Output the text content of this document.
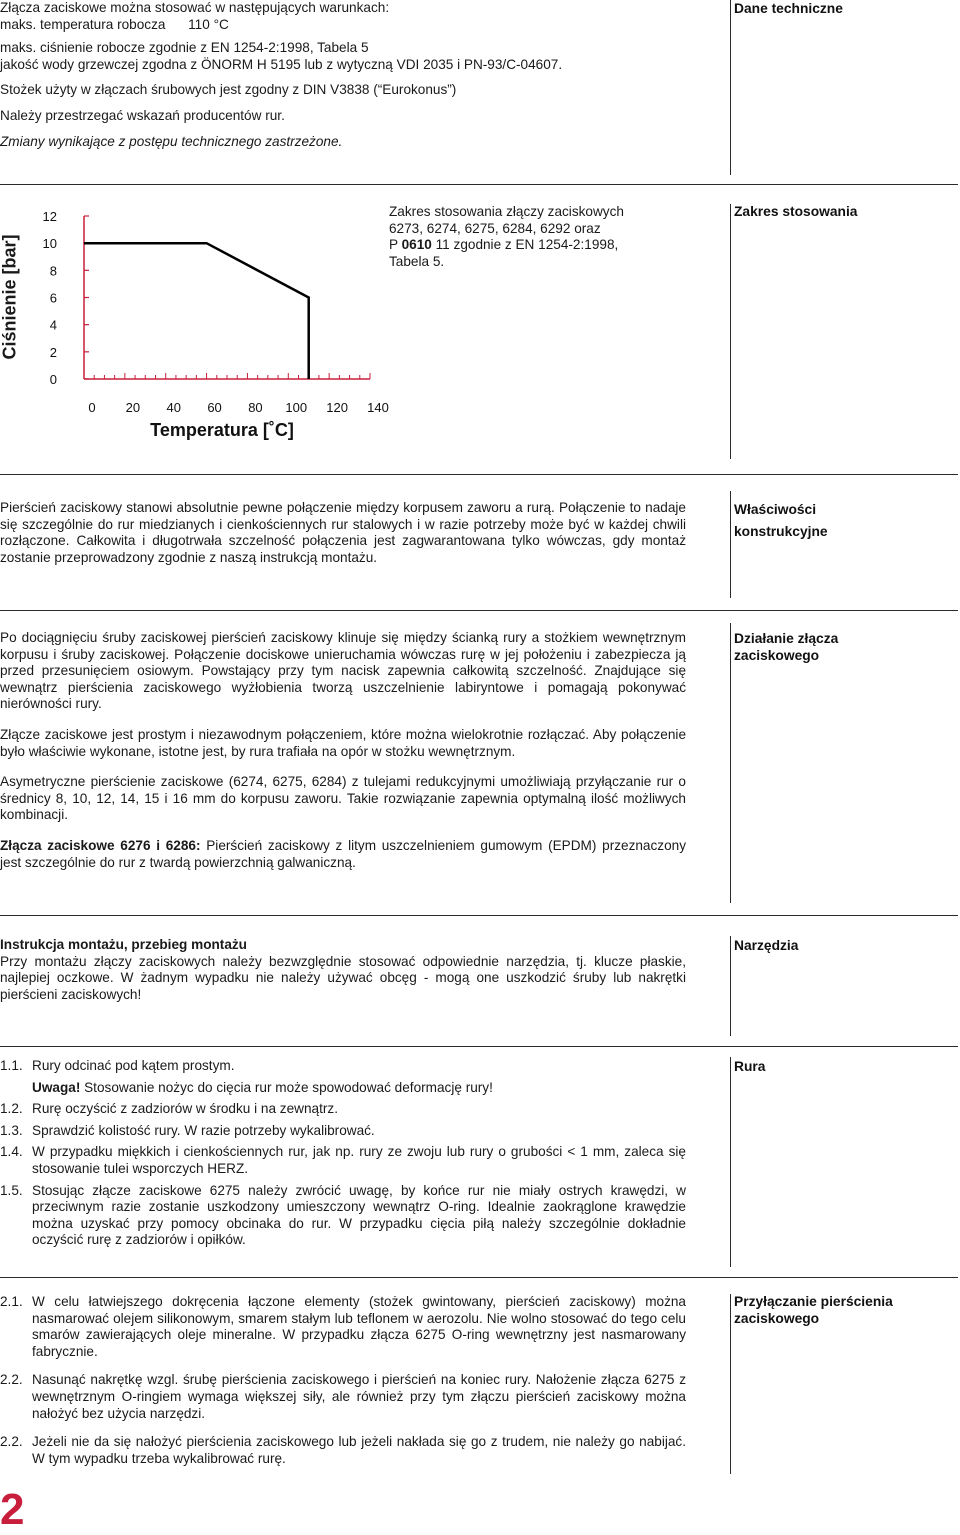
Złącza zaciskowe można stosować w następujących warunkach:

maks. temperatura robocza      110 °C

maks. ciśnienie robocze zgodnie z EN 1254-2:1998, Tabela 5

jakość wody grzewczej zgodna z ÖNORM H 5195 lub z wytyczną VDI 2035 i PN-93/C-04607.

Stożek użyty w złączach śrubowych jest zgodny z DIN V3838 (“Eurokonus”)

Należy przestrzegać wskazań producentów rur.

Zmiany wynikające z postępu technicznego zastrzeżone.

Dane techniczne
Ciśnienie [bar]
0
2
4
6
8
10
12
0 20 40 60 80 100 120 140
Temperatura [˚C]

Zakres stosowania złączy zaciskowych

6273, 6274, 6275, 6284, 6292 oraz

P 0610 11 zgodnie z EN 1254-2:1998,

Tabela 5.

Zakres stosowania
Pierścień zaciskowy stanowi absolutnie pewne połączenie między korpusem zaworu a rurą. Połączenie to nadaje się szczególnie do rur miedzianych i cienkościennych rur stalowych i w razie potrzeby może być w każdej chwili rozłączone. Całkowita i długotrwała szczelność połączenia jest zagwarantowana tylko wówczas, gdy montaż zostanie przeprowadzony zgodnie z naszą instrukcją montażu.
Właściwości
konstrukcyjne

Po dociągnięciu śruby zaciskowej pierścień zaciskowy klinuje się między ścianką rury a stożkiem wewnętrznym korpusu i śruby zaciskowej. Połączenie dociskowe unieruchamia wówczas rurę w jej położeniu i zabezpiecza ją przed przesunięciem osiowym. Powstający przy tym nacisk zapewnia całkowitą szczelność. Znajdujące się wewnątrz pierścienia zaciskowego wyżłobienia tworzą uszczelnienie labiryntowe i pomagają pokonywać nierówności rury.

Złącze zaciskowe jest prostym i niezawodnym połączeniem, które można wielokrotnie rozłączać. Aby połączenie było właściwie wykonane, istotne jest, by rura trafiała na opór w stożku wewnętrznym.

Asymetryczne pierścienie zaciskowe (6274, 6275, 6284) z tulejami redukcyjnymi umożliwiają przyłączanie rur o średnicy 8, 10, 12, 14, 15 i 16 mm do korpusu zaworu. Takie rozwiązanie zapewnia optymalną ilość możliwych kombinacji.

Złącza zaciskowe 6276 i 6286: Pierścień zaciskowy z litym uszczelnieniem gumowym (EPDM) przeznaczony jest szczególnie do rur z twardą powierzchnią galwaniczną.

Działanie złącza
zaciskowego

Instrukcja montażu, przebieg montażu

Przy montażu złączy zaciskowych należy bezwzględnie stosować odpowiednie narzędzia, tj. klucze płaskie, najlepiej oczkowe. W żadnym wypadku nie należy używać obcęg - mogą one uszkodzić śruby lub nakrętki pierścieni zaciskowych!

Narzędzia
1.1. Rury odcinać pod kątem prostym.
Uwaga! Stosowanie nożyc do cięcia rur może spowodować deformację rury!
1.2. Rurę oczyścić z zadziorów w środku i na zewnątrz.
1.3. Sprawdzić kolistość rury. W razie potrzeby wykalibrować.
1.4. W przypadku miękkich i cienkościennych rur, jak np. rury ze zwoju lub rury o grubości < 1 mm, zaleca się stosowanie tulei wsporczych HERZ.
1.5. Stosując złącze zaciskowe 6275 należy zwrócić uwagę, by końce rur nie miały ostrych krawędzi, w przeciwnym razie zostanie uszkodzony umieszczony wewnątrz O-ring. Idealnie zaokrąglone krawędzie można uzyskać przy pomocy obcinaka do rur. W przypadku cięcia piłą należy szczególnie dokładnie oczyścić rurę z zadziorów i opiłków.
Rura
2.1. W celu łatwiejszego dokręcenia łączone elementy (stożek gwintowany, pierścień zaciskowy) można nasmarować olejem silikonowym, smarem stałym lub teflonem w aerozolu. Nie wolno stosować do tego celu smarów zawierających oleje mineralne. W przypadku złącza 6275 O-ring wewnętrzny jest nasmarowany fabrycznie.
2.2. Nasunąć nakrętkę wzgl. śrubę pierścienia zaciskowego i pierścień na koniec rury. Nałożenie złącza 6275 z wewnętrznym O-ringiem wymaga większej siły, ale również przy tym złączu pierścień zaciskowy można nałożyć bez użycia narzędzi.
2.2. Jeżeli nie da się nałożyć pierścienia zaciskowego lub jeżeli nakłada się go z trudem, nie należy go nabijać. W tym wypadku trzeba wykalibrować rurę.
Przyłączanie pierścienia
zaciskowego
2
